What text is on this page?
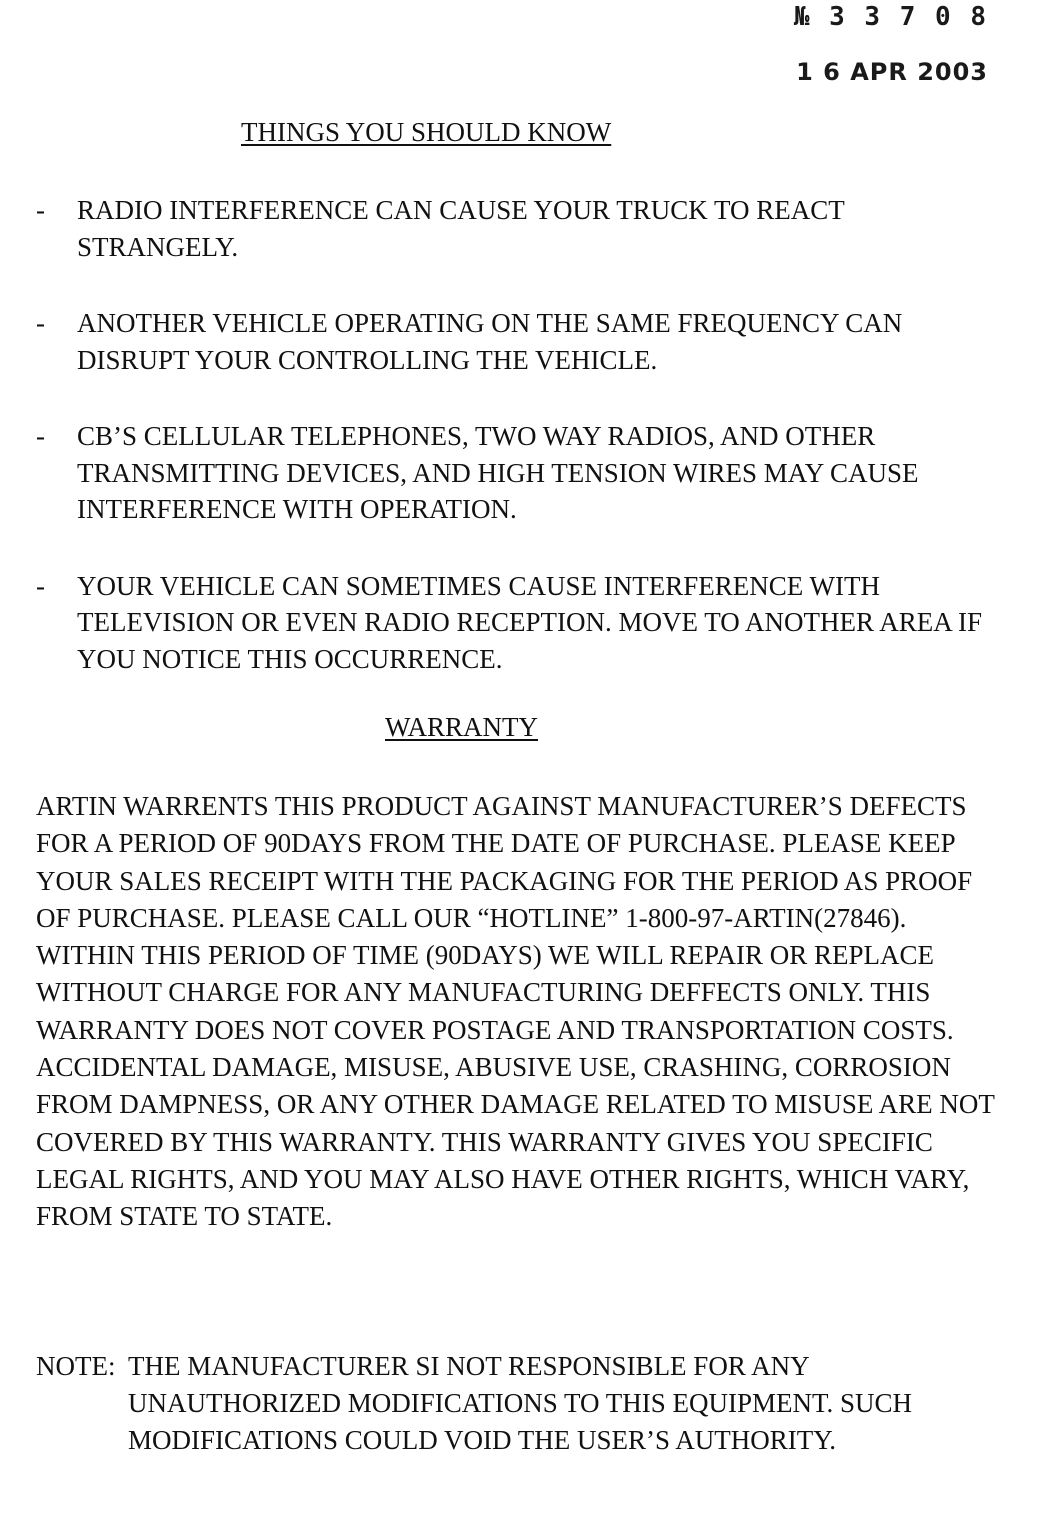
№ 3 3 7 0 8
1 6 APR 2003
THINGS YOU SHOULD KNOW
- RADIO INTERFERENCE CAN CAUSE YOUR TRUCK TO REACT STRANGELY.
- ANOTHER VEHICLE OPERATING ON THE SAME FREQUENCY CAN DISRUPT YOUR CONTROLLING THE VEHICLE.
- CB’S CELLULAR TELEPHONES, TWO WAY RADIOS, AND OTHER TRANSMITTING DEVICES, AND HIGH TENSION WIRES MAY CAUSE INTERFERENCE WITH OPERATION.
- YOUR VEHICLE CAN SOMETIMES CAUSE INTERFERENCE WITH TELEVISION OR EVEN RADIO RECEPTION. MOVE TO ANOTHER AREA IF YOU NOTICE THIS OCCURRENCE.
WARRANTY

ARTIN WARRENTS THIS PRODUCT AGAINST MANUFACTURER’S DEFECTS FOR A PERIOD OF 90DAYS FROM THE DATE OF PURCHASE. PLEASE KEEP YOUR SALES RECEIPT WITH THE PACKAGING FOR THE PERIOD AS PROOF OF PURCHASE. PLEASE CALL OUR “HOTLINE” 1-800-97-ARTIN(27846). WITHIN THIS PERIOD OF TIME (90DAYS) WE WILL REPAIR OR REPLACE WITHOUT CHARGE FOR ANY MANUFACTURING DEFFECTS ONLY. THIS WARRANTY DOES NOT COVER POSTAGE AND TRANSPORTATION COSTS. ACCIDENTAL DAMAGE, MISUSE, ABUSIVE USE, CRASHING, CORROSION FROM DAMPNESS, OR ANY OTHER DAMAGE RELATED TO MISUSE ARE NOT COVERED BY THIS WARRANTY. THIS WARRANTY GIVES YOU SPECIFIC LEGAL RIGHTS, AND YOU MAY ALSO HAVE OTHER RIGHTS, WHICH VARY, FROM STATE TO STATE.

NOTE: THE MANUFACTURER SI NOT RESPONSIBLE FOR ANY UNAUTHORIZED MODIFICATIONS TO THIS EQUIPMENT. SUCH MODIFICATIONS COULD VOID THE USER’S AUTHORITY.
